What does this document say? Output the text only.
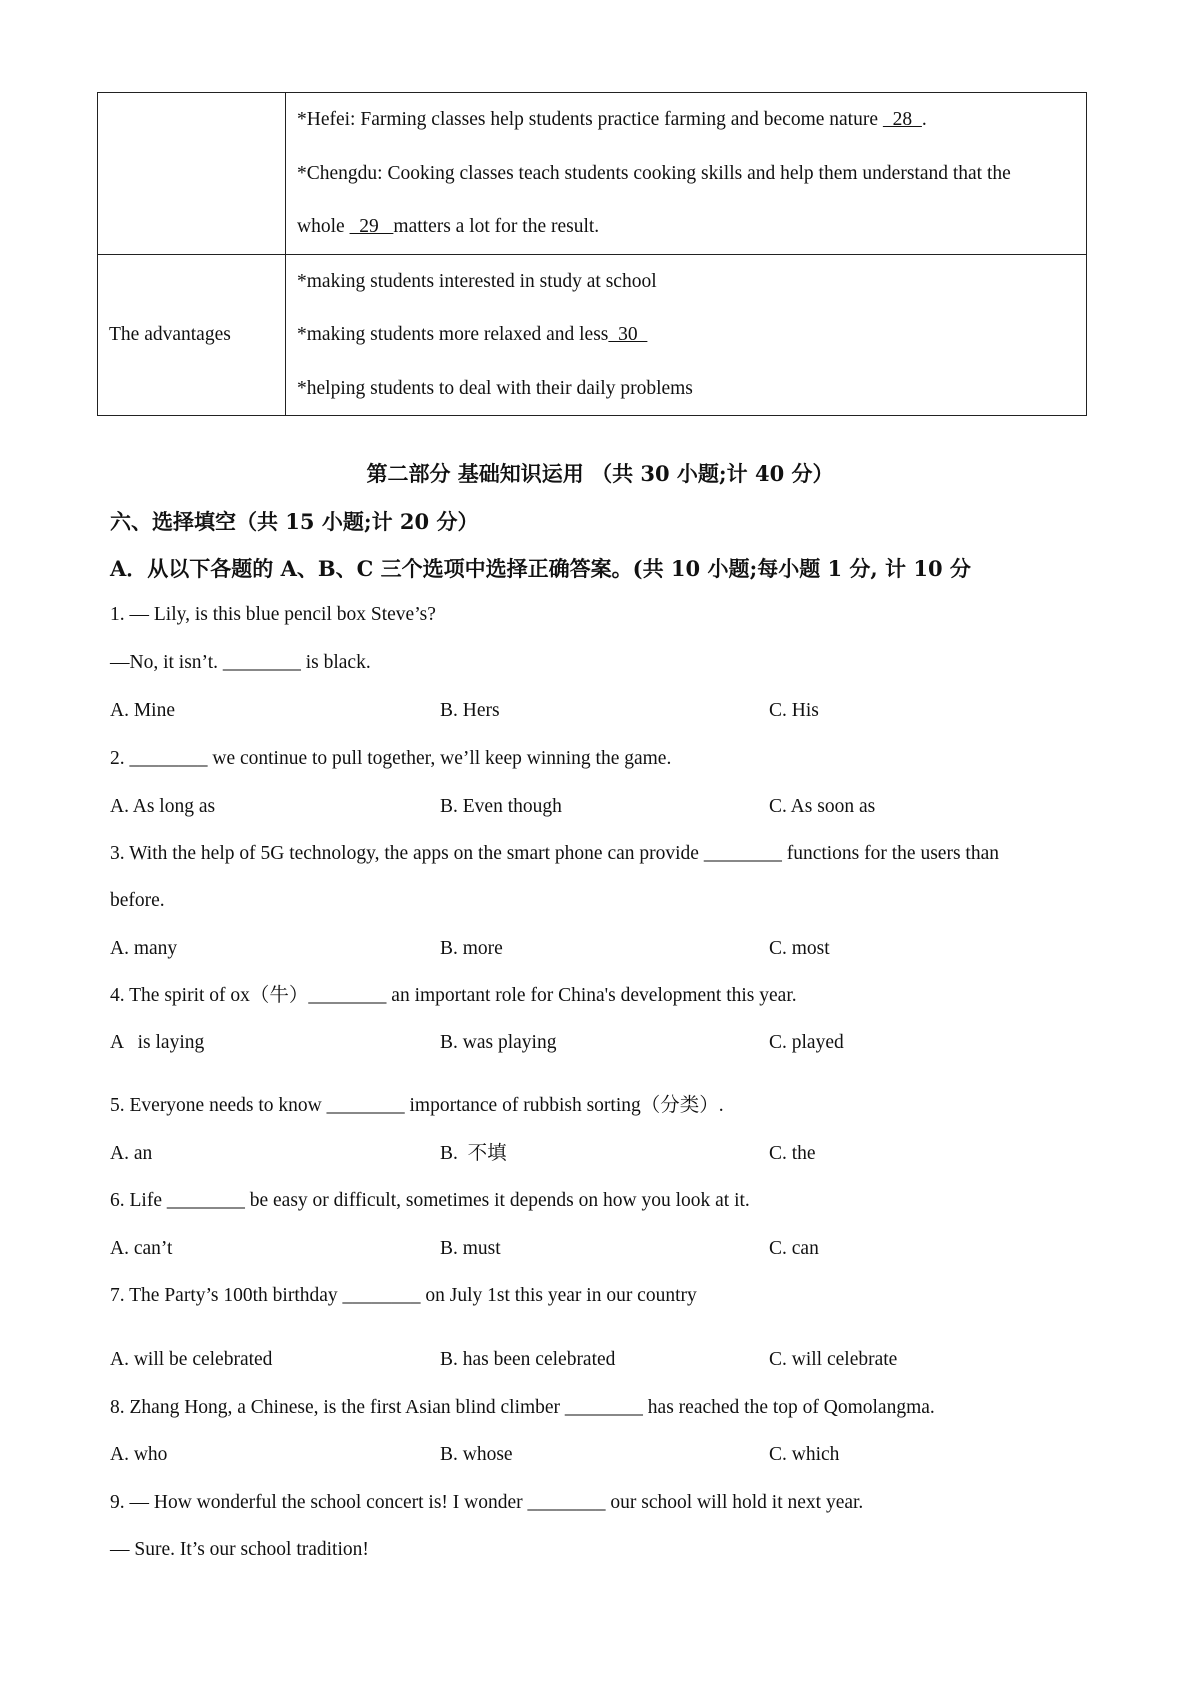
	*Hefei: Farming classes help students practice farming and become nature   28  .
*Chengdu: Cooking classes teach students cooking skills and help them understand that the
whole   29   matters a lot for the result.

The advantages	*making students interested in study at school
*making students more relaxed and less  30
*helping students to deal with their daily problems
第二部分 基础知识运用 （共 30 小题;计 40 分）
六、选择填空（共 15 小题;计 20 分）
A．从以下各题的 A、B、C 三个选项中选择正确答案。(共 10 小题;每小题 1 分, 计 10 分
1. — Lily, is this blue pencil box Steve’s?
—No, it isn’t. ________ is black.
A. Mine	B. Hers	C. His
2. ________ we continue to pull together, we’ll keep winning the game.
A. As long as	B. Even though	C. As soon as
3. With the help of 5G technology, the apps on the smart phone can provide ________ functions for the users than
before.
A. many	B. more	C. most
4. The spirit of ox（牛）________ an important role for China's development this year.
A   is laying	B. was playing	C. played
5. Everyone needs to know ________ importance of rubbish sorting（分类）.
A. an	B.  不填	C. the
6. Life ________ be easy or difficult, sometimes it depends on how you look at it.
A. can’t	B. must	C. can
7. The Party’s 100th birthday ________ on July 1st this year in our country
A. will be celebrated	B. has been celebrated	C. will celebrate
8. Zhang Hong, a Chinese, is the first Asian blind climber ________ has reached the top of Qomolangma.
A. who	B. whose	C. which
9. — How wonderful the school concert is! I wonder ________ our school will hold it next year.
— Sure. It’s our school tradition!
